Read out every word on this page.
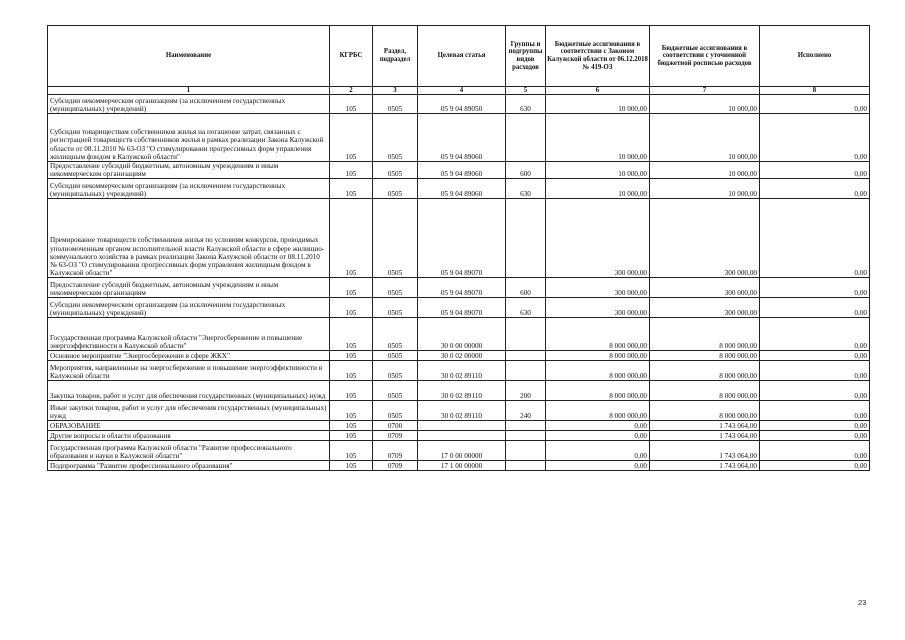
Наименование	КГРБС	Раздел, подраздел	Целевая статья	Группы и подгруппы видов расходов	Бюджетные ассигнования в соответствии с Законом Калужской области от 06.12.2018 № 419-ОЗ	Бюджетные ассигнования в соответствии с уточненной бюджетной росписью расходов	Исполнено
1	2	3	4	5	6	7	8
Субсидии некоммерческим организациям (за исключением государственных (муниципальных) учреждений)	105	0505	05 9 04 89050	630	10 000,00	10 000,00	0,00
Субсидии товариществам собственников жилья на погашение затрат, связанных с регистрацией товариществ собственников жилья в рамках реализации Закона Калужской области от 08.11.2010 № 63-ОЗ "О стимулировании прогрессивных форм управления жилищным фондом в Калужской области"	105	0505	05 9 04 89060		10 000,00	10 000,00	0,00
Предоставление субсидий бюджетным, автономным учреждениям и иным некоммерческим организациям	105	0505	05 9 04 89060	600	10 000,00	10 000,00	0,00
Субсидии некоммерческим организациям (за исключением государственных (муниципальных) учреждений)	105	0505	05 9 04 89060	630	10 000,00	10 000,00	0,00
Премирование товариществ собственников жилья по условиям конкурсов, проводимых уполномоченным органом исполнительной власти Калужской области в сфере жилищно-коммунального хозяйства в рамках реализации Закона Калужской области от 08.11.2010 № 63-ОЗ "О стимулировании прогрессивных форм управления жилищным фондом в Калужской области"	105	0505	05 9 04 89070		300 000,00	300 000,00	0,00
Предоставление субсидий бюджетным, автономным учреждениям и иным некоммерческим организациям	105	0505	05 9 04 89070	600	300 000,00	300 000,00	0,00
Субсидии некоммерческим организациям (за исключением государственных (муниципальных) учреждений)	105	0505	05 9 04 89070	630	300 000,00	300 000,00	0,00
Государственная программа Калужской области "Энергосбережение и повышение энергоэффективности в Калужской области"	105	0505	30 0 00 00000		8 000 000,00	8 000 000,00	0,00
Основное мероприятие "Энергосбережение в сфере ЖКХ"	105	0505	30 0 02 00000		8 000 000,00	8 000 000,00	0,00
Мероприятия, направленные на энергосбережение и повышение энергоэффективности в Калужской области	105	0505	30 0 02 89110		8 000 000,00	8 000 000,00	0,00
Закупка товаров, работ и услуг для обеспечения государственных (муниципальных) нужд	105	0505	30 0 02 89110	200	8 000 000,00	8 000 000,00	0,00
Иные закупки товаров, работ и услуг для обеспечения государственных (муниципальных) нужд	105	0505	30 0 02 89110	240	8 000 000,00	8 000 000,00	0,00
ОБРАЗОВАНИЕ	105	0700			0,00	1 743 064,00	0,00
Другие вопросы в области образования	105	0709			0,00	1 743 064,00	0,00
Государственная программа Калужской области "Развитие профессионального образования и науки в Калужской области"	105	0709	17 0 00 00000		0,00	1 743 064,00	0,00
Подпрограмма "Развитие профессионального образования"	105	0709	17 1 00 00000		0,00	1 743 064,00	0,00
23
